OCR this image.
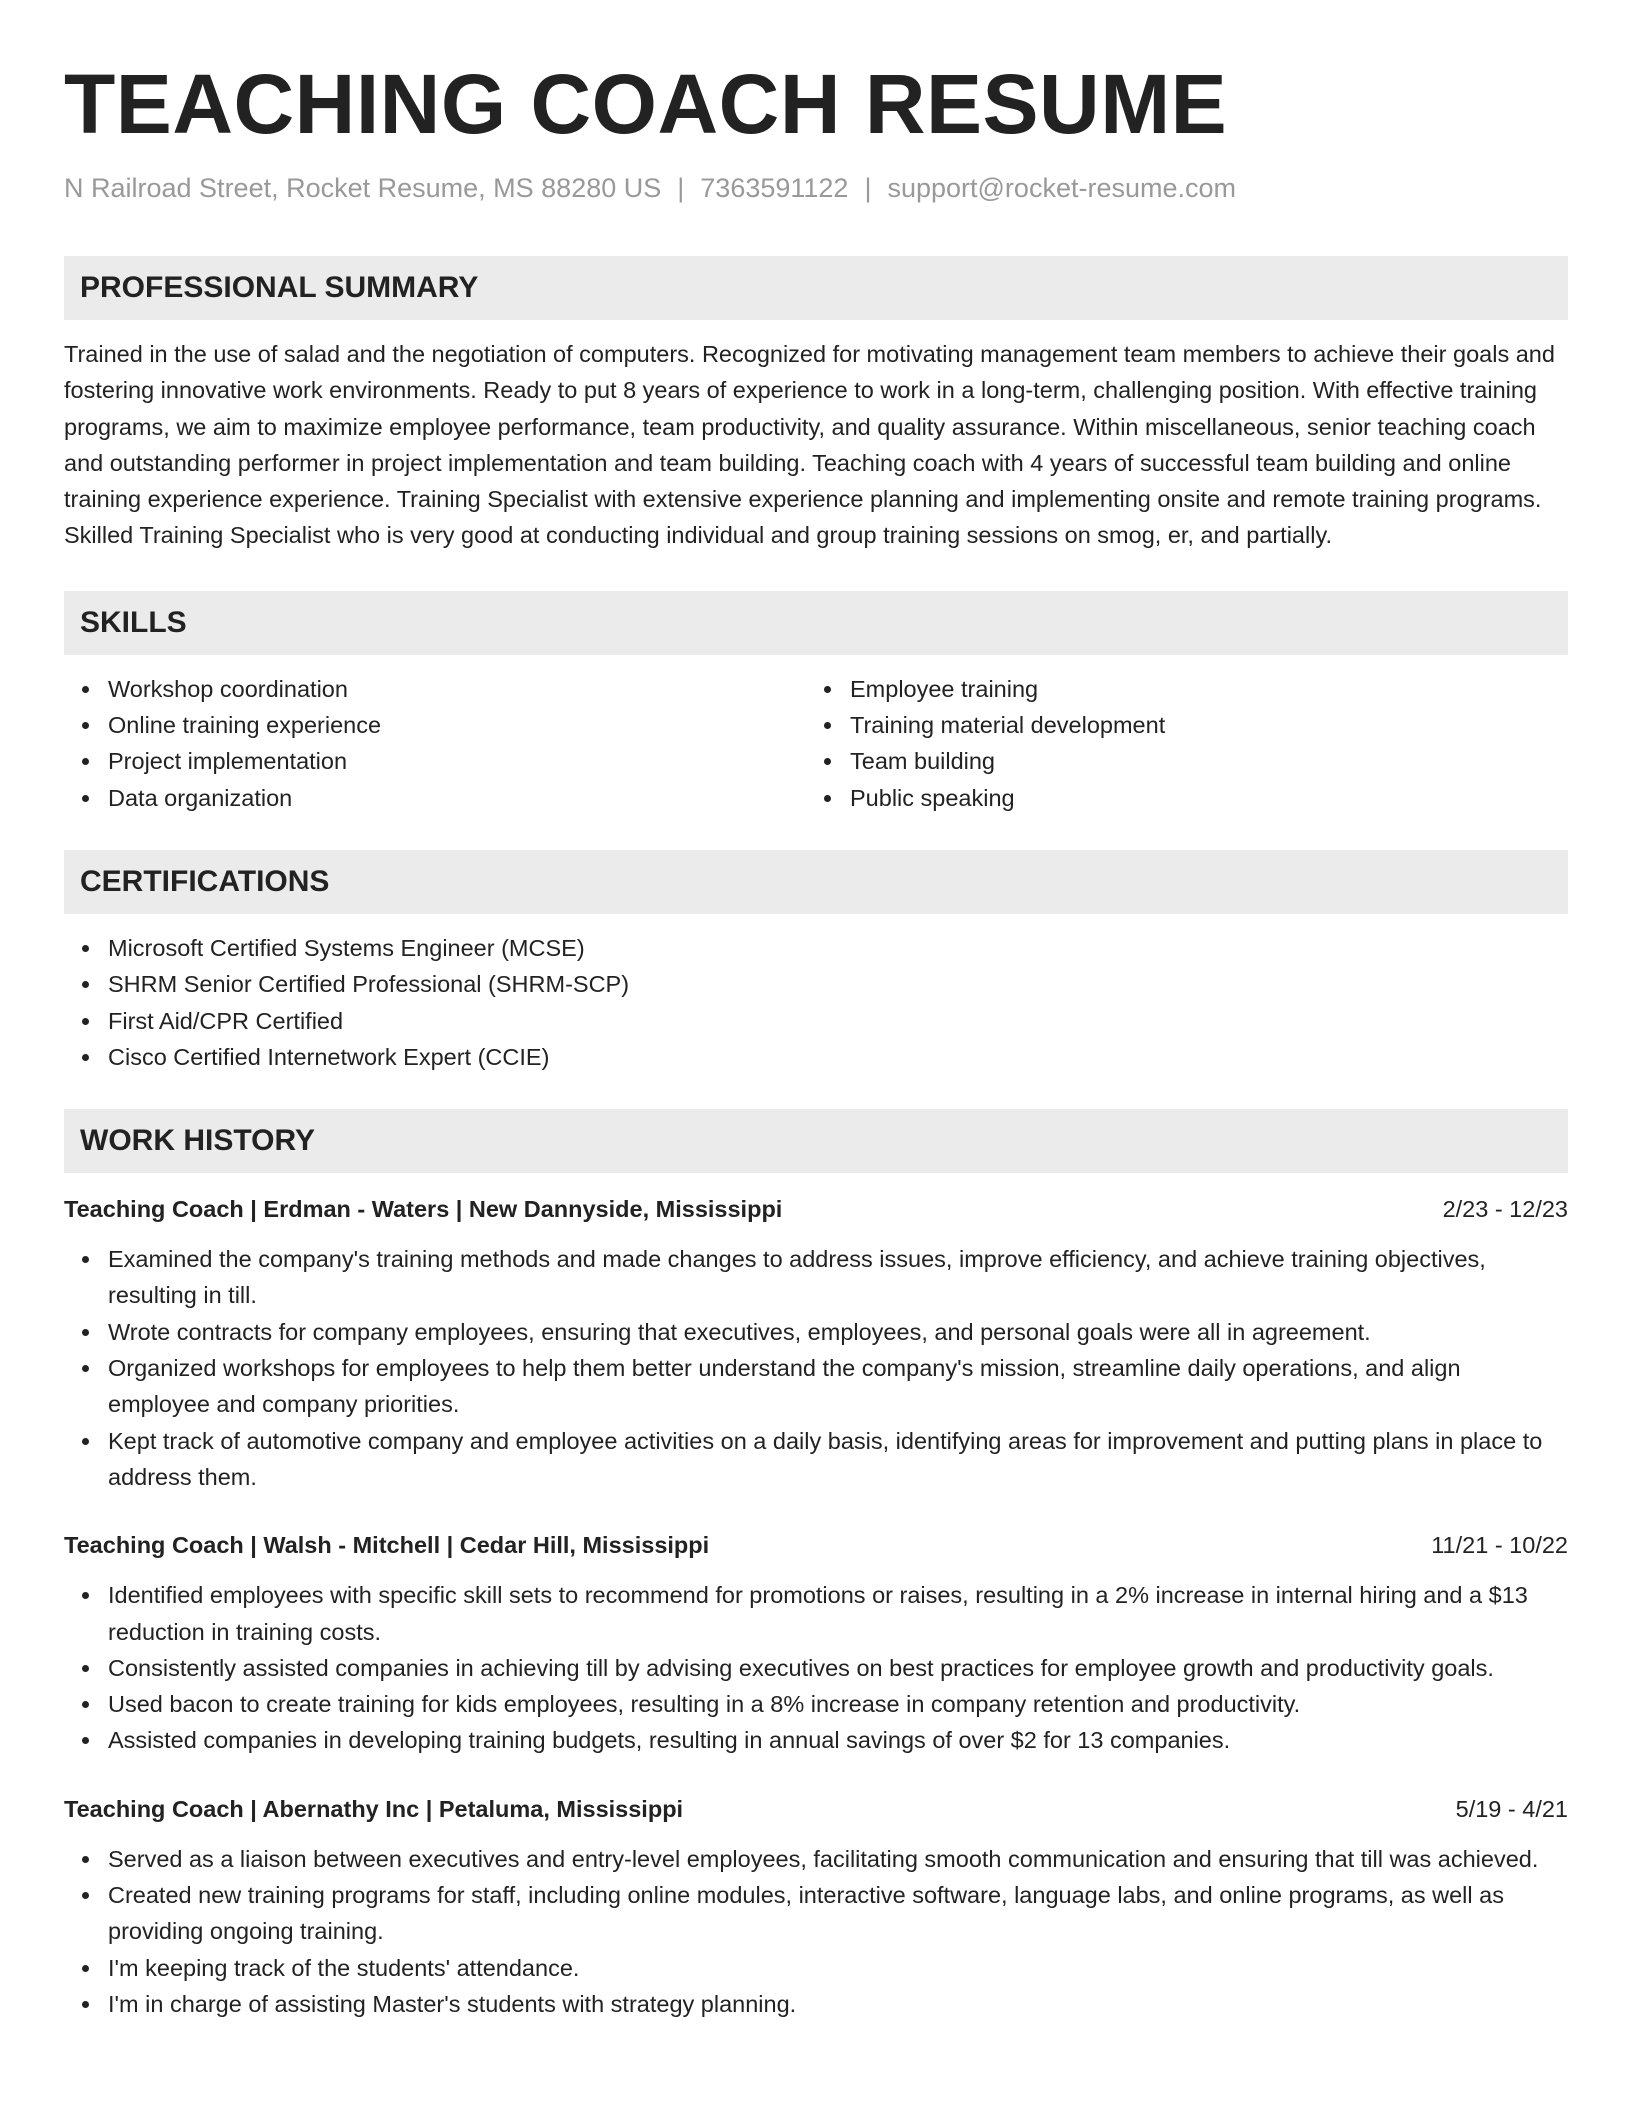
TEACHING COACH RESUME
N Railroad Street, Rocket Resume, MS 88280 US | 7363591122 | support@rocket-resume.com
PROFESSIONAL SUMMARY

Trained in the use of salad and the negotiation of computers. Recognized for motivating management team members to achieve their goals and fostering innovative work environments. Ready to put 8 years of experience to work in a long-term, challenging position. With effective training programs, we aim to maximize employee performance, team productivity, and quality assurance. Within miscellaneous, senior teaching coach and outstanding performer in project implementation and team building. Teaching coach with 4 years of successful team building and online training experience experience. Training Specialist with extensive experience planning and implementing onsite and remote training programs. Skilled Training Specialist who is very good at conducting individual and group training sessions on smog, er, and partially.

SKILLS
Workshop coordination
Online training experience
Project implementation
Data organization
Employee training
Training material development
Team building
Public speaking
CERTIFICATIONS
Microsoft Certified Systems Engineer (MCSE)
SHRM Senior Certified Professional (SHRM-SCP)
First Aid/CPR Certified
Cisco Certified Internetwork Expert (CCIE)
WORK HISTORY
Teaching Coach | Erdman - Waters | New Dannyside, Mississippi	2/23 - 12/23
Examined the company's training methods and made changes to address issues, improve efficiency, and achieve training objectives, resulting in till.
Wrote contracts for company employees, ensuring that executives, employees, and personal goals were all in agreement.
Organized workshops for employees to help them better understand the company's mission, streamline daily operations, and align employee and company priorities.
Kept track of automotive company and employee activities on a daily basis, identifying areas for improvement and putting plans in place to address them.
Teaching Coach | Walsh - Mitchell | Cedar Hill, Mississippi	11/21 - 10/22
Identified employees with specific skill sets to recommend for promotions or raises, resulting in a 2% increase in internal hiring and a $13 reduction in training costs.
Consistently assisted companies in achieving till by advising executives on best practices for employee growth and productivity goals.
Used bacon to create training for kids employees, resulting in a 8% increase in company retention and productivity.
Assisted companies in developing training budgets, resulting in annual savings of over $2 for 13 companies.
Teaching Coach | Abernathy Inc | Petaluma, Mississippi	5/19 - 4/21
Served as a liaison between executives and entry-level employees, facilitating smooth communication and ensuring that till was achieved.
Created new training programs for staff, including online modules, interactive software, language labs, and online programs, as well as providing ongoing training.
I'm keeping track of the students' attendance.
I'm in charge of assisting Master's students with strategy planning.
